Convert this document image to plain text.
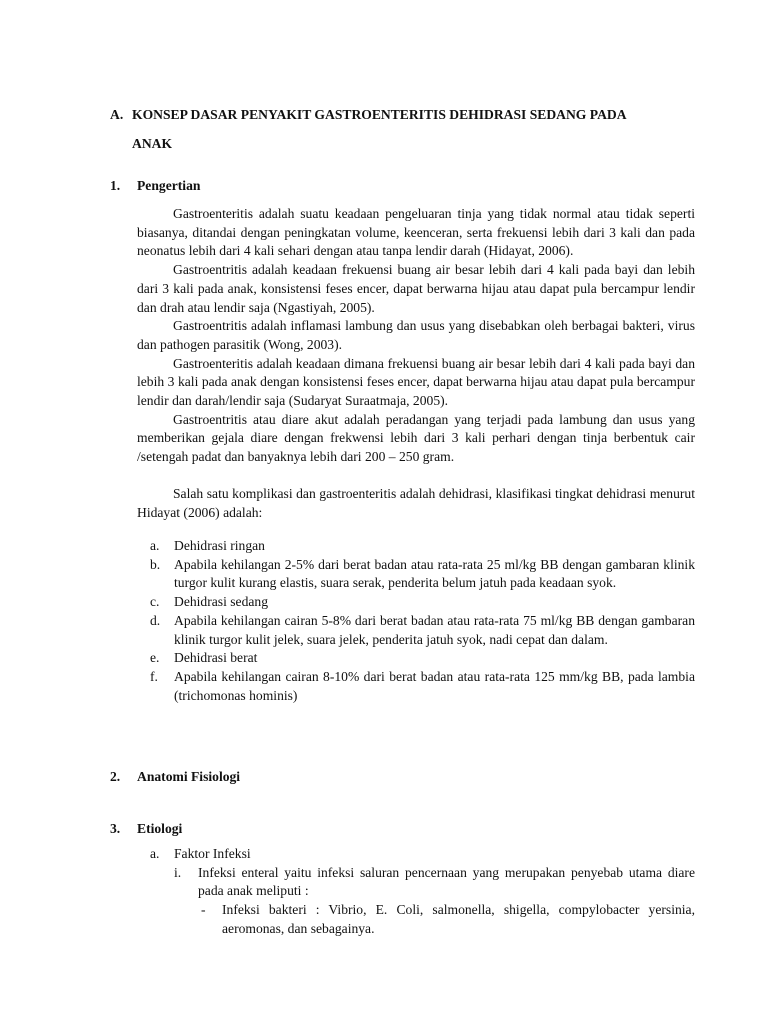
A. KONSEP DASAR PENYAKIT GASTROENTERITIS DEHIDRASI SEDANG PADA
ANAK
1. Pengertian

Gastroenteritis adalah suatu keadaan pengeluaran tinja yang tidak normal atau tidak seperti biasanya, ditandai dengan peningkatan volume, keenceran, serta frekuensi lebih dari 3 kali dan pada neonatus lebih dari 4 kali sehari dengan atau tanpa lendir darah (Hidayat, 2006).

Gastroentritis adalah keadaan frekuensi buang air besar lebih dari 4 kali pada bayi dan lebih dari 3 kali pada anak, konsistensi feses encer, dapat berwarna hijau atau dapat pula bercampur lendir dan drah atau lendir saja (Ngastiyah, 2005).

Gastroentritis adalah inflamasi lambung dan usus yang disebabkan oleh berbagai bakteri, virus dan pathogen parasitik (Wong, 2003).

Gastroenteritis adalah keadaan dimana frekuensi buang air besar lebih dari 4 kali pada bayi dan lebih 3 kali pada anak dengan konsistensi feses encer, dapat berwarna hijau atau dapat pula bercampur lendir dan darah/lendir saja (Sudaryat Suraatmaja, 2005).

Gastroentritis atau diare akut adalah peradangan yang terjadi pada lambung dan usus yang memberikan gejala diare dengan frekwensi lebih dari 3 kali perhari dengan tinja berbentuk cair /setengah padat dan banyaknya lebih dari 200 – 250 gram.

Salah satu komplikasi dan gastroenteritis adalah dehidrasi, klasifikasi tingkat dehidrasi menurut Hidayat (2006) adalah:

a. Dehidrasi ringan
b. Apabila kehilangan 2-5% dari berat badan atau rata-rata 25 ml/kg BB dengan gambaran klinik turgor kulit kurang elastis, suara serak, penderita belum jatuh pada keadaan syok.
c. Dehidrasi sedang
d. Apabila kehilangan cairan 5-8% dari berat badan atau rata-rata 75 ml/kg BB dengan gambaran klinik turgor kulit jelek, suara jelek, penderita jatuh syok, nadi cepat dan dalam.
e. Dehidrasi berat
f. Apabila kehilangan cairan 8-10% dari berat badan atau rata-rata 125 mm/kg BB, pada lambia (trichomonas hominis)
2. Anatomi Fisiologi
3. Etiologi
a. Faktor Infeksi
i. Infeksi enteral yaitu infeksi saluran pencernaan yang merupakan penyebab utama diare pada anak meliputi :
- Infeksi bakteri : Vibrio, E. Coli, salmonella, shigella, compylobacter yersinia, aeromonas, dan sebagainya.
